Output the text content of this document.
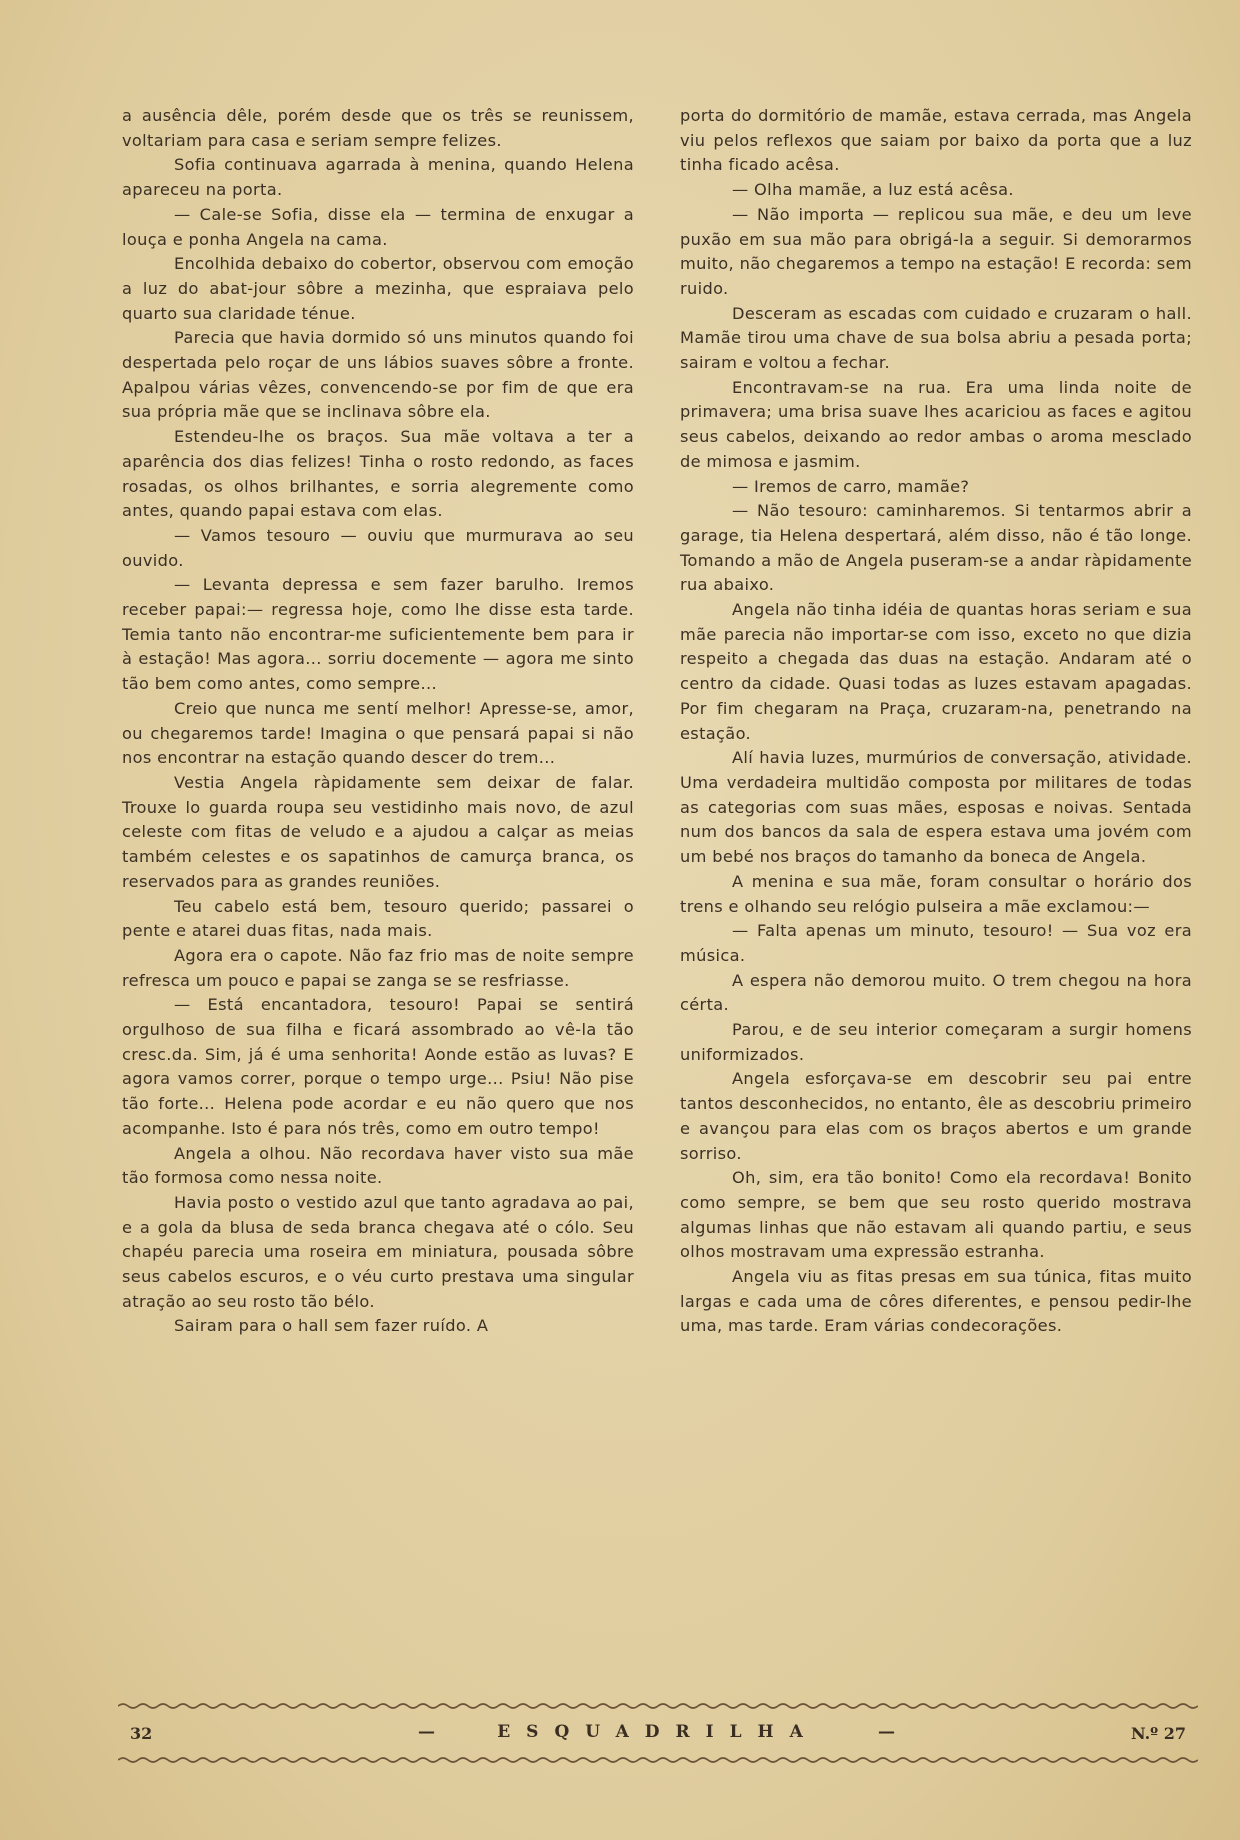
a ausência dêle, porém desde que os três se reunissem, voltariam para casa e seriam sempre felizes.

Sofia continuava agarrada à menina, quando Helena apareceu na porta.

— Cale-se Sofia, disse ela — termina de enxugar a louça e ponha Angela na cama.

Encolhida debaixo do cobertor, observou com emoção a luz do abat-jour sôbre a mezinha, que espraiava pelo quarto sua claridade ténue.

Parecia que havia dormido só uns minutos quando foi despertada pelo roçar de uns lábios suaves sôbre a fronte. Apalpou várias vêzes, convencendo-se por fim de que era sua própria mãe que se inclinava sôbre ela.

Estendeu-lhe os braços. Sua mãe voltava a ter a aparência dos dias felizes! Tinha o rosto redondo, as faces rosadas, os olhos brilhantes, e sorria alegremente como antes, quando papai estava com elas.

— Vamos tesouro — ouviu que murmurava ao seu ouvido.

— Levanta depressa e sem fazer barulho. Iremos receber papai:— regressa hoje, como lhe disse esta tarde. Temia tanto não encontrar-me suficientemente bem para ir à estação! Mas agora... sorriu docemente — agora me sinto tão bem como antes, como sempre...

Creio que nunca me sentí melhor! Apresse-se, amor, ou chegaremos tarde! Imagina o que pensará papai si não nos encontrar na estação quando descer do trem...

Vestia Angela ràpidamente sem deixar de falar. Trouxe lo guarda roupa seu vestidinho mais novo, de azul celeste com fitas de veludo e a ajudou a calçar as meias também celestes e os sapatinhos de camurça branca, os reservados para as grandes reuniões.

Teu cabelo está bem, tesouro querido; passarei o pente e atarei duas fitas, nada mais.

Agora era o capote. Não faz frio mas de noite sempre refresca um pouco e papai se zanga se se resfriasse.

— Está encantadora, tesouro! Papai se sentirá orgulhoso de sua filha e ficará assombrado ao vê-la tão cresc.da. Sim, já é uma senhorita! Aonde estão as luvas? E agora vamos correr, porque o tempo urge... Psiu! Não pise tão forte... Helena pode acordar e eu não quero que nos acompanhe. Isto é para nós três, como em outro tempo!

Angela a olhou. Não recordava haver visto sua mãe tão formosa como nessa noite.

Havia posto o vestido azul que tanto agradava ao pai, e a gola da blusa de seda branca chegava até o cólo. Seu chapéu parecia uma roseira em miniatura, pousada sôbre seus cabelos escuros, e o véu curto prestava uma singular atração ao seu rosto tão bélo.

Sairam para o hall sem fazer ruído. A

porta do dormitório de mamãe, estava cerrada, mas Angela viu pelos reflexos que saiam por baixo da porta que a luz tinha ficado acêsa.

— Olha mamãe, a luz está acêsa.

— Não importa — replicou sua mãe, e deu um leve puxão em sua mão para obrigá-la a seguir. Si demorarmos muito, não chegaremos a tempo na estação! E recorda: sem ruido.

Desceram as escadas com cuidado e cruzaram o hall. Mamãe tirou uma chave de sua bolsa abriu a pesada porta; sairam e voltou a fechar.

Encontravam-se na rua. Era uma linda noite de primavera; uma brisa suave lhes acariciou as faces e agitou seus cabelos, deixando ao redor ambas o aroma mesclado de mimosa e jasmim.

— Iremos de carro, mamãe?

— Não tesouro: caminharemos. Si tentarmos abrir a garage, tia Helena despertará, além disso, não é tão longe. Tomando a mão de Angela puseram-se a andar ràpidamente rua abaixo.

Angela não tinha idéia de quantas horas seriam e sua mãe parecia não importar-se com isso, exceto no que dizia respeito a chegada das duas na estação. Andaram até o centro da cidade. Quasi todas as luzes estavam apagadas. Por fim chegaram na Praça, cruzaram-na, penetrando na estação.

Alí havia luzes, murmúrios de conversação, atividade. Uma verdadeira multidão composta por militares de todas as categorias com suas mães, esposas e noivas. Sentada num dos bancos da sala de espera estava uma jovém com um bebé nos braços do tamanho da boneca de Angela.

A menina e sua mãe, foram consultar o horário dos trens e olhando seu relógio pulseira a mãe exclamou:—

— Falta apenas um minuto, tesouro! — Sua voz era música.

A espera não demorou muito. O trem chegou na hora cérta.

Parou, e de seu interior começaram a surgir homens uniformizados.

Angela esforçava-se em descobrir seu pai entre tantos desconhecidos, no entanto, êle as descobriu primeiro e avançou para elas com os braços abertos e um grande sorriso.

Oh, sim, era tão bonito! Como ela recordava! Bonito como sempre, se bem que seu rosto querido mostrava algumas linhas que não estavam ali quando partiu, e seus olhos mostravam uma expressão estranha.

Angela viu as fitas presas em sua túnica, fitas muito largas e cada uma de côres diferentes, e pensou pedir-lhe uma, mas tarde. Eram várias condecorações.

32	—	ESQUADRILHA	—	N.º 27
